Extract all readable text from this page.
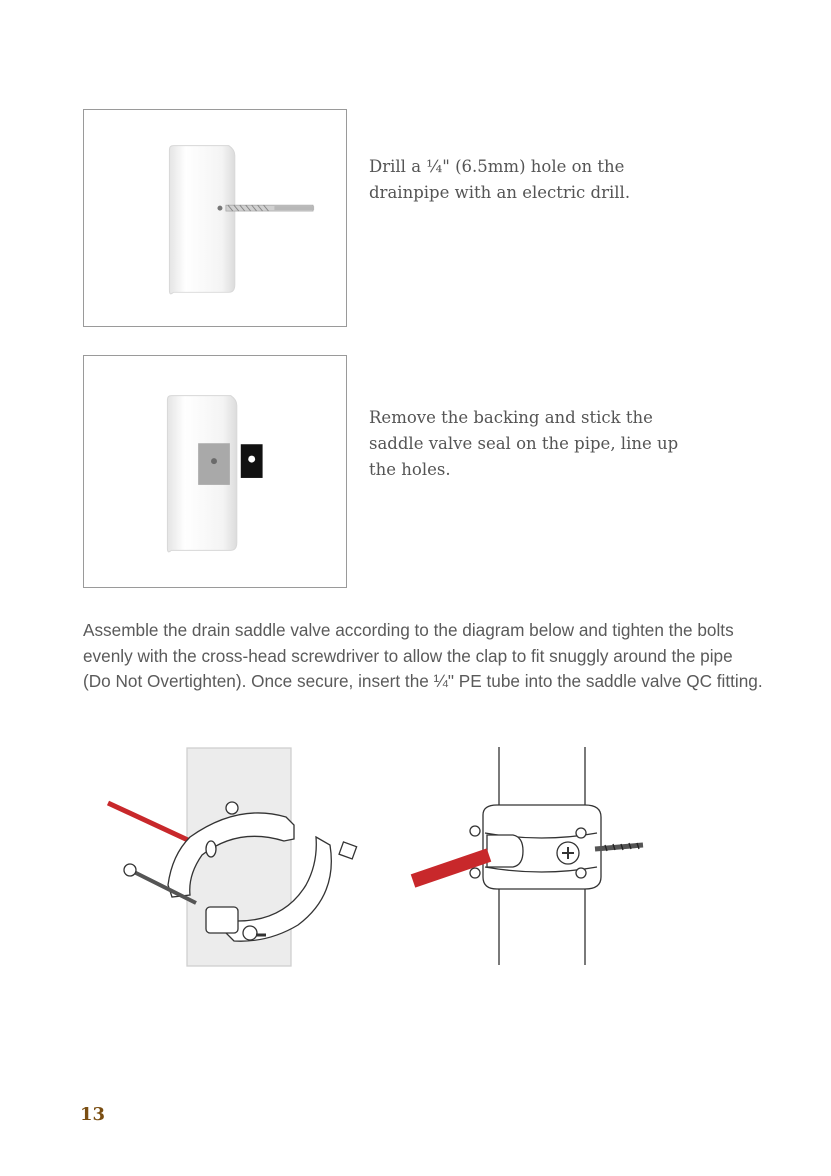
Drill a ¼" (6.5mm) hole on the drainpipe with an electric drill.

Remove the backing and stick the saddle valve seal on the pipe, line up the holes.

Assemble the drain saddle valve according to the diagram below and tighten the bolts evenly with the cross-head screwdriver to allow the clap to fit snuggly around the pipe (Do Not Overtighten). Once secure, insert the ¼" PE tube into the saddle valve QC fitting.

13
